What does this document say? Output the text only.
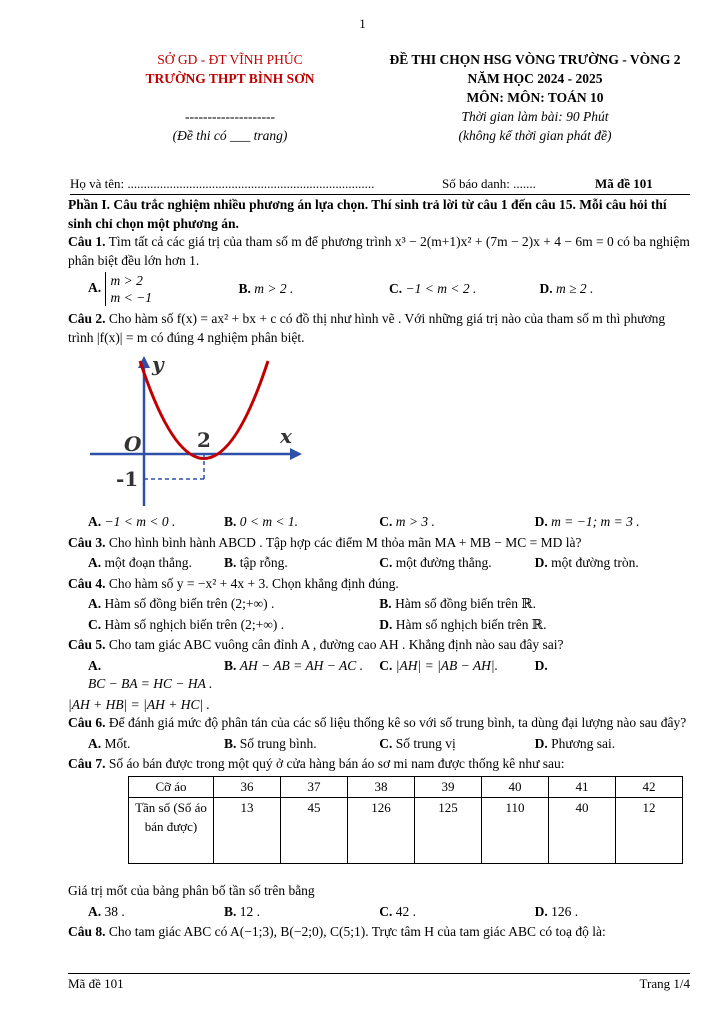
1
SỞ GD - ĐT VĨNH PHÚC
TRƯỜNG THPT BÌNH SƠN
--------------------
(Đề thi có ___ trang)
ĐỀ THI CHỌN HSG VÒNG TRƯỜNG - VÒNG 2
NĂM HỌC 2024 - 2025
MÔN: MÔN: TOÁN 10
Thời gian làm bài: 90 Phút
(không kể thời gian phát đề)
Họ và tên: ............................................................................	Số báo danh: .......	Mã đề 101

Phần I. Câu trắc nghiệm nhiều phương án lựa chọn. Thí sinh trả lời từ câu 1 đến câu 15. Mỗi câu hỏi thí sinh chỉ chọn một phương án.

Câu 1. Tìm tất cả các giá trị của tham số m để phương trình x³ − 2(m+1)x² + (7m − 2)x + 4 − 6m = 0 có ba nghiệm phân biệt đều lớn hơn 1.

A. m > 2
m < −1
B. m > 2 .	C. −1 < m < 2 .	D. m ≥ 2 .

Câu 2. Cho hàm số f(x) = ax² + bx + c có đồ thị như hình vẽ . Với những giá trị nào của tham số m thì phương trình |f(x)| = m có đúng 4 nghiệm phân biệt.

y
x
O	2
-1
A. −1 < m < 0 .	B. 0 < m < 1.	C. m > 3 .	D. m = −1; m = 3 .

Câu 3. Cho hình bình hành ABCD . Tập hợp các điểm M thỏa mãn MA + MB − MC = MD là?

A. một đoạn thẳng.	B. tập rỗng.	C. một đường thẳng.	D. một đường tròn.

Câu 4. Cho hàm số y = −x² + 4x + 3. Chọn khẳng định đúng.

A. Hàm số đồng biến trên (2;+∞) .	B. Hàm số đồng biến trên ℝ.
C. Hàm số nghịch biến trên (2;+∞) .	D. Hàm số nghịch biến trên ℝ.

Câu 5. Cho tam giác ABC vuông cân đỉnh A , đường cao AH . Khẳng định nào sau đây sai?

A. BC − BA = HC − HA .
B. AH − AB = AH − AC .	C. |AH| = |AB − AH|.	D.

|AH + HB| = |AH + HC| .

Câu 6. Để đánh giá mức độ phân tán của các số liệu thống kê so với số trung bình, ta dùng đại lượng nào sau đây?

A. Mốt.	B. Số trung bình.	C. Số trung vị	D. Phương sai.

Câu 7. Số áo bán được trong một quý ở cửa hàng bán áo sơ mi nam được thống kê như sau:

Cỡ áo	36	37	38	39	40	41	42
Tần số (Số áo bán được)	13	45	126	125	110	40	12

Giá trị mốt của bảng phân bố tần số trên bằng

A. 38 .	B. 12 .	C. 42 .	D. 126 .

Câu 8. Cho tam giác ABC có A(−1;3), B(−2;0), C(5;1). Trực tâm H của tam giác ABC có toạ độ là:

Mã đề 101	Trang 1/4
